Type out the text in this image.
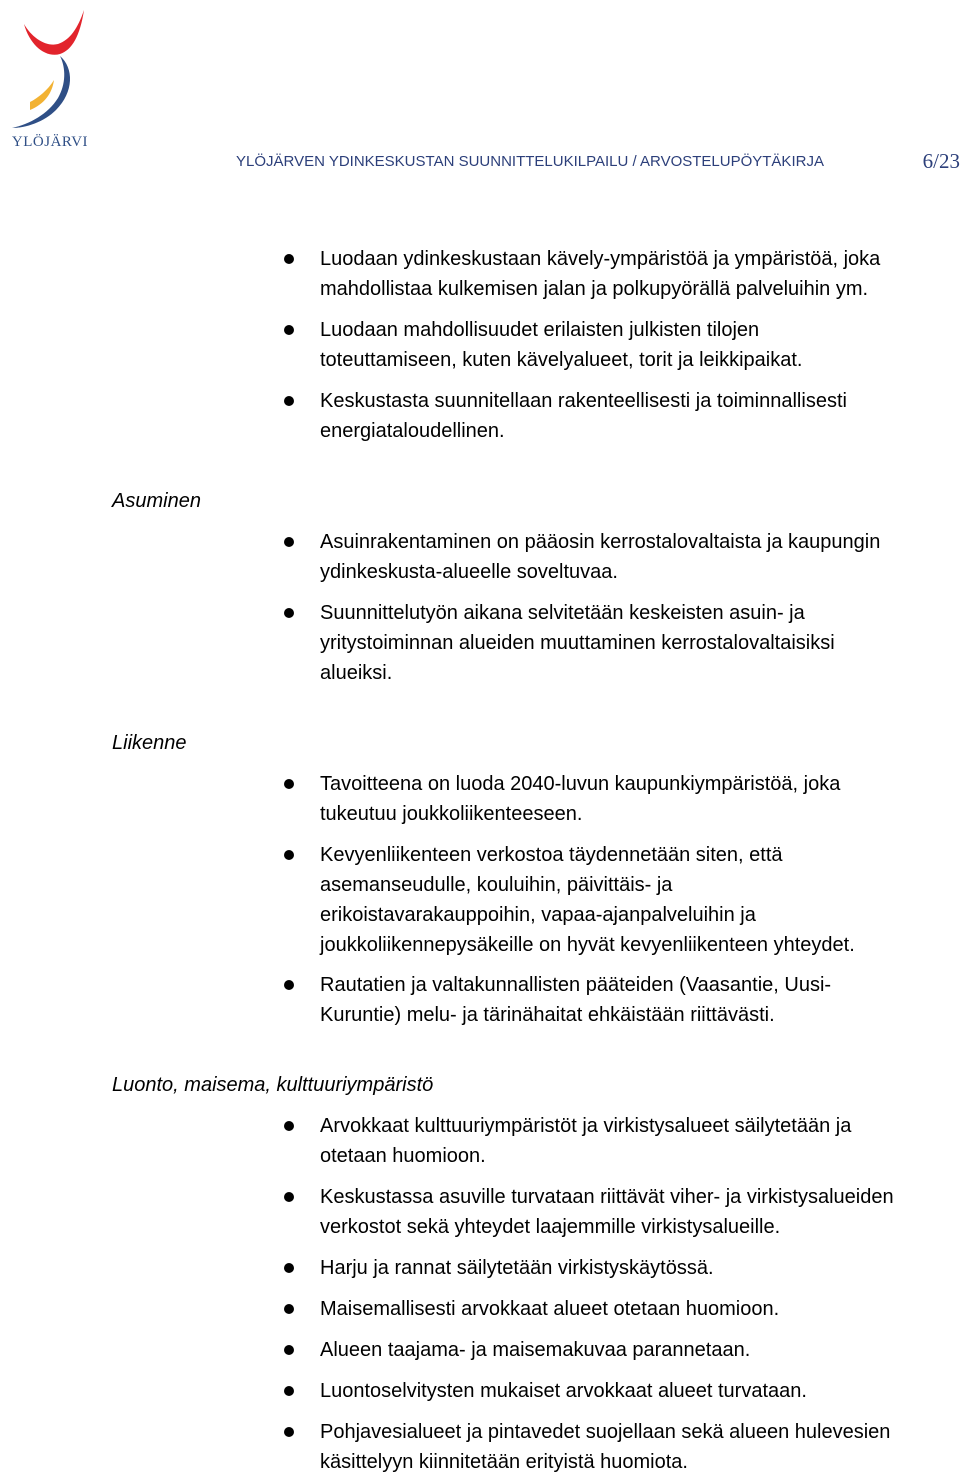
YLÖJÄRVI
YLÖJÄRVEN YDINKESKUSTAN SUUNNITTELUKILPAILU / ARVOSTELUPÖYTÄKIRJA	6/23
Luodaan ydinkeskustaan kävely-ympäristöä ja ympäristöä, joka
mahdollistaa kulkemisen jalan ja polkupyörällä palveluihin ym.
Luodaan mahdollisuudet erilaisten julkisten tilojen
toteuttamiseen, kuten kävelyalueet, torit ja leikkipaikat.
Keskustasta suunnitellaan rakenteellisesti ja toiminnallisesti
energiataloudellinen.
Asuminen
Asuinrakentaminen on pääosin kerrostalovaltaista ja kaupungin
ydinkeskusta-alueelle soveltuvaa.
Suunnittelutyön aikana selvitetään keskeisten asuin- ja
yritystoiminnan alueiden muuttaminen kerrostalovaltaisiksi
alueiksi.
Liikenne
Tavoitteena on luoda 2040-luvun kaupunkiympäristöä, joka
tukeutuu joukkoliikenteeseen.
Kevyenliikenteen verkostoa täydennetään siten, että
asemanseudulle, kouluihin, päivittäis- ja
erikoistavarakauppoihin, vapaa-ajanpalveluihin ja
joukkoliikennepysäkeille on hyvät kevyenliikenteen yhteydet.
Rautatien ja valtakunnallisten pääteiden (Vaasantie, Uusi-
Kuruntie) melu- ja tärinähaitat ehkäistään riittävästi.
Luonto, maisema, kulttuuriympäristö
Arvokkaat kulttuuriympäristöt ja virkistysalueet säilytetään ja
otetaan huomioon.
Keskustassa asuville turvataan riittävät viher- ja virkistysalueiden
verkostot sekä yhteydet laajemmille virkistysalueille.
Harju ja rannat säilytetään virkistyskäytössä.
Maisemallisesti arvokkaat alueet otetaan huomioon.
Alueen taajama- ja maisemakuvaa parannetaan.
Luontoselvitysten mukaiset arvokkaat alueet turvataan.
Pohjavesialueet ja pintavedet suojellaan sekä alueen hulevesien
käsittelyyn kiinnitetään erityistä huomiota.
